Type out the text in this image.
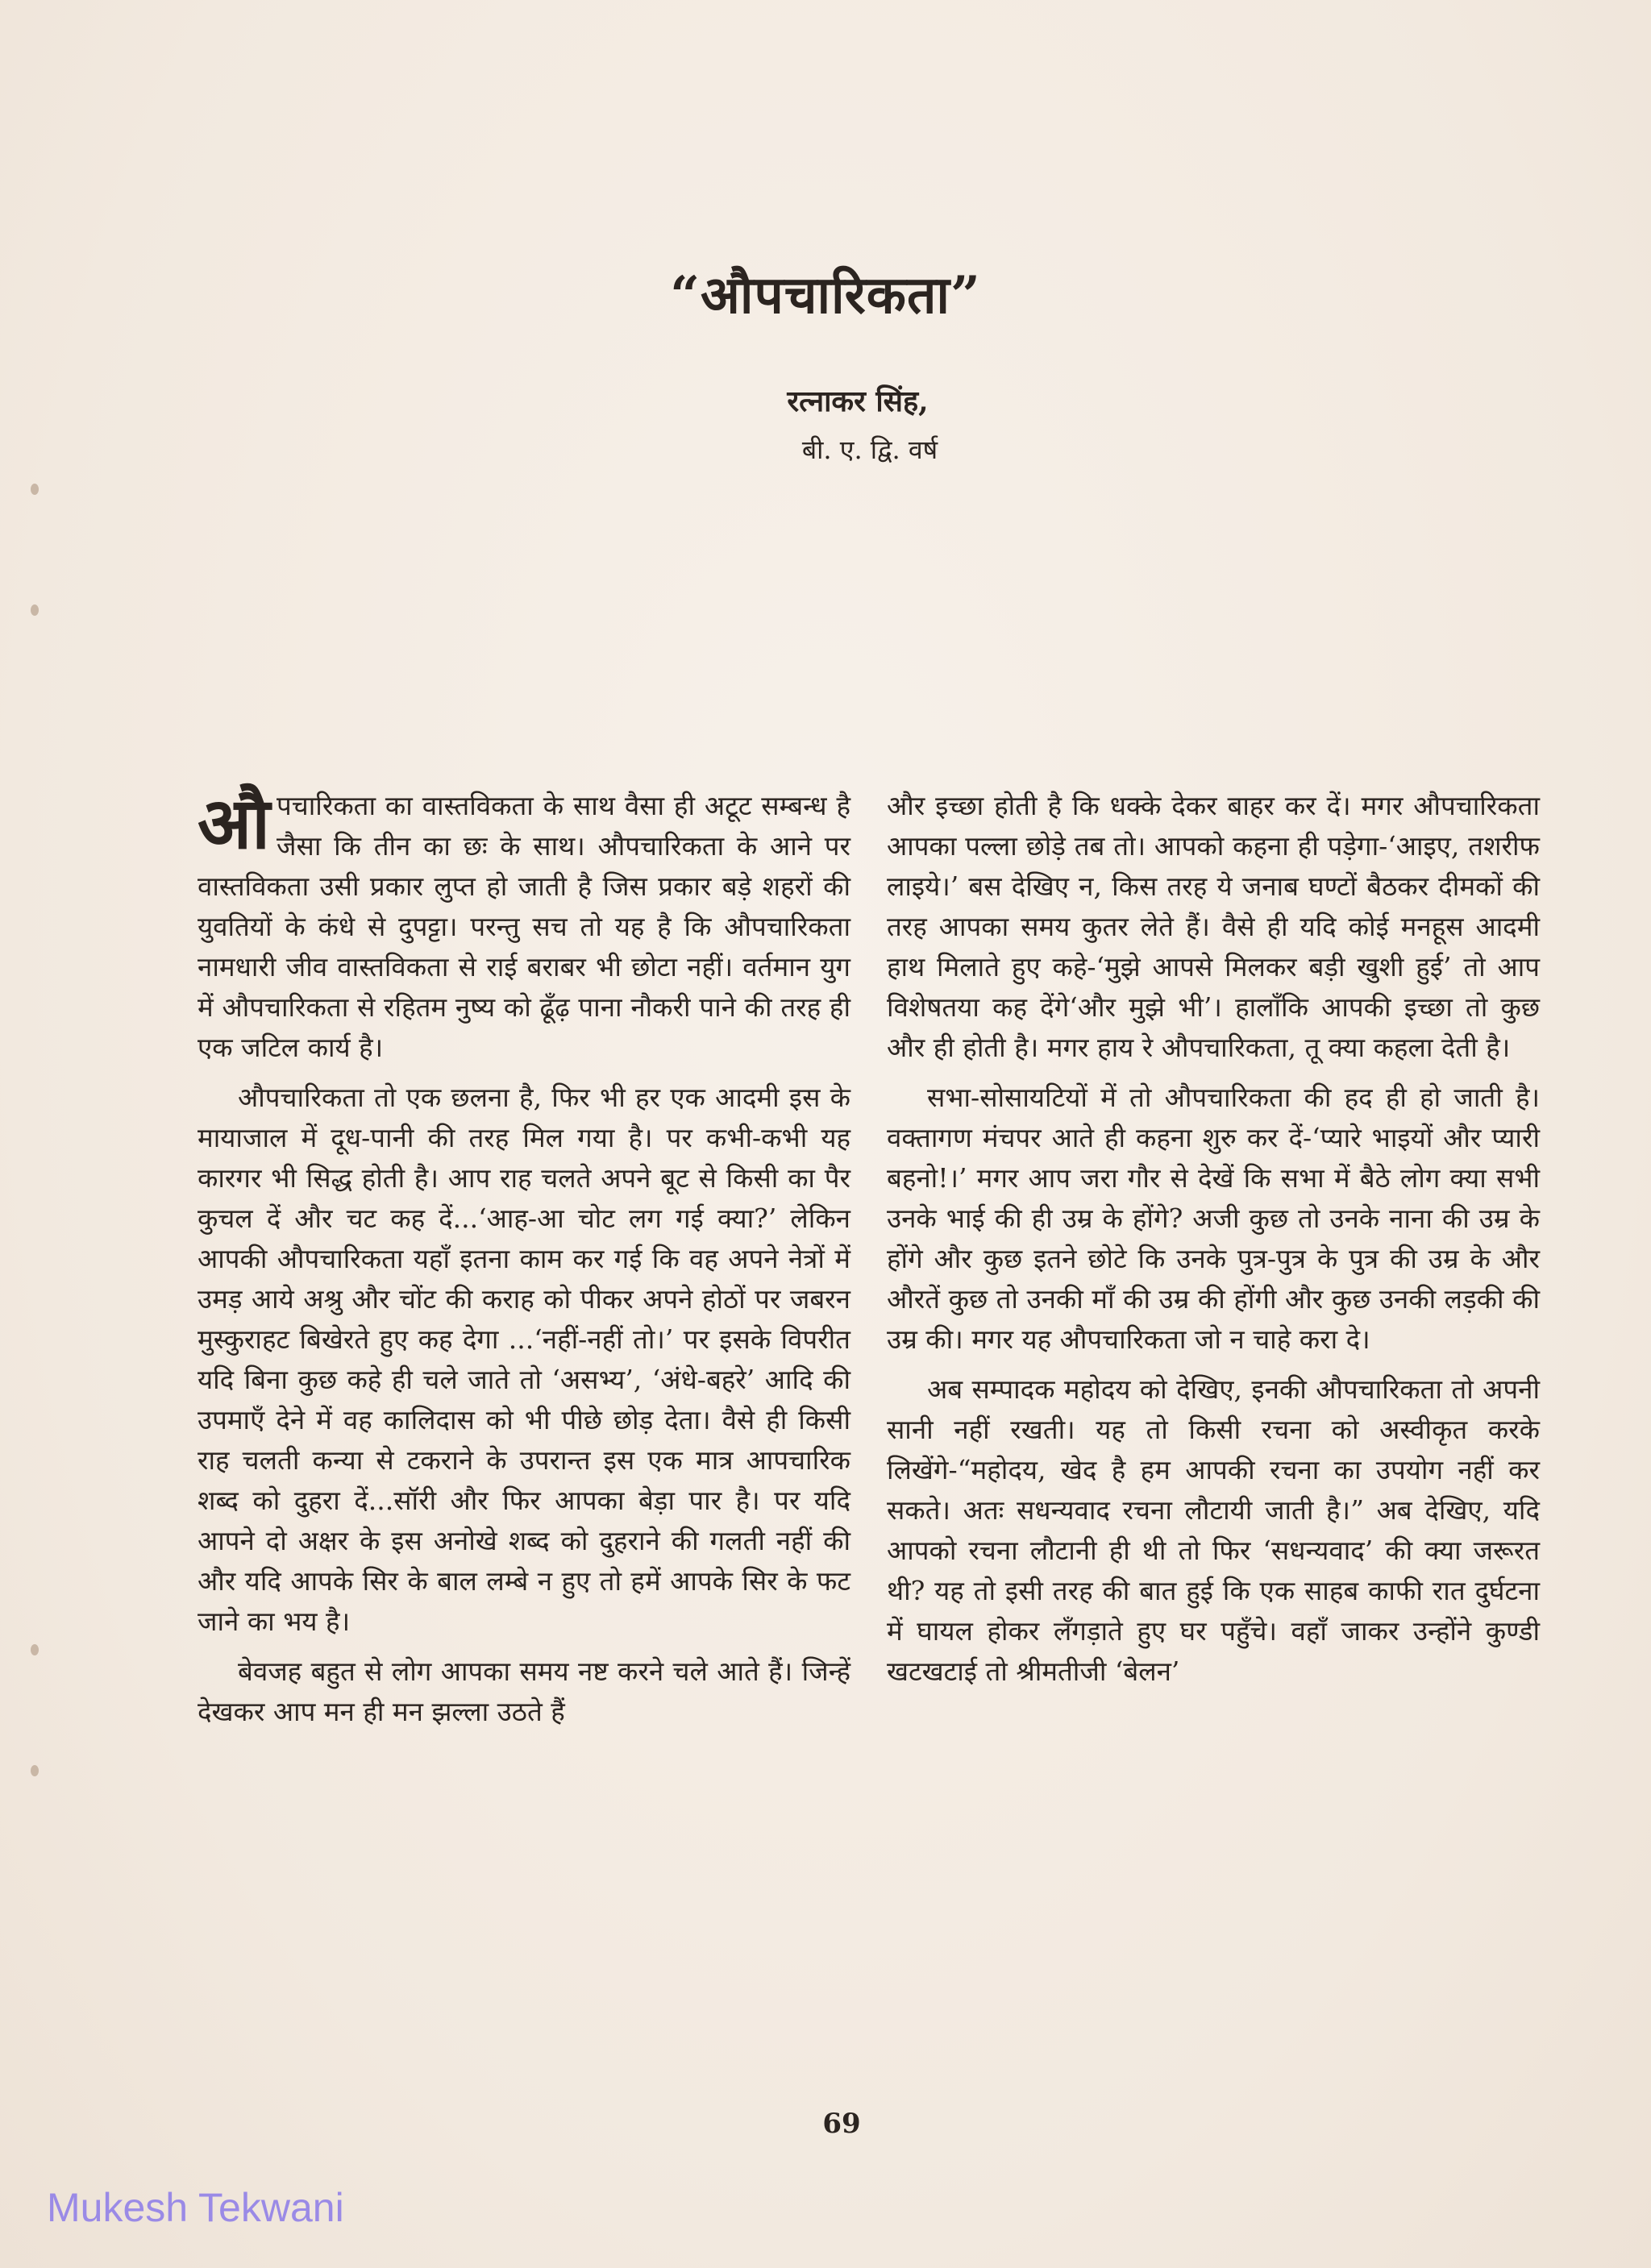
“औपचारिकता”
रत्नाकर सिंह,
बी. ए. द्वि. वर्ष

औपचारिकता का वास्तविकता के साथ वैसा ही अटूट सम्बन्ध है जैसा कि तीन का छः के साथ। औपचारिकता के आने पर वास्तविकता उसी प्रकार लुप्त हो जाती है जिस प्रकार बड़े शहरों की युवतियों के कंधे से दुपट्टा। परन्तु सच तो यह है कि औपचारिकता नामधारी जीव वास्तविकता से राई बराबर भी छोटा नहीं। वर्तमान युग में औपचारिकता से रहितम नुष्य को ढूँढ़ पाना नौकरी पाने की तरह ही एक जटिल कार्य है।

औपचारिकता तो एक छलना है, फिर भी हर एक आदमी इस के मायाजाल में दूध-पानी की तरह मिल गया है। पर कभी-कभी यह कारगर भी सिद्ध होती है। आप राह चलते अपने बूट से किसी का पैर कुचल दें और चट कह दें...‘आह-आ चोट लग गई क्या?’ लेकिन आपकी औपचारिकता यहाँ इतना काम कर गई कि वह अपने नेत्रों में उमड़ आये अश्रु और चोंट की कराह को पीकर अपने होठों पर जबरन मुस्कुराहट बिखेरते हुए कह देगा ...‘नहीं-नहीं तो।’ पर इसके विपरीत यदि बिना कुछ कहे ही चले जाते तो ‘असभ्य’, ‘अंधे-बहरे’ आदि की उपमाएँ देने में वह कालिदास को भी पीछे छोड़ देता। वैसे ही किसी राह चलती कन्या से टकराने के उपरान्त इस एक मात्र आपचारिक शब्द को दुहरा दें...सॉरी और फिर आपका बेड़ा पार है। पर यदि आपने दो अक्षर के इस अनोखे शब्द को दुहराने की गलती नहीं की और यदि आपके सिर के बाल लम्बे न हुए तो हमें आपके सिर के फट जाने का भय है।

बेवजह बहुत से लोग आपका समय नष्ट करने चले आते हैं। जिन्हें देखकर आप मन ही मन झल्ला उठते हैं

और इच्छा होती है कि धक्के देकर बाहर कर दें। मगर औपचारिकता आपका पल्ला छोड़े तब तो। आपको कहना ही पड़ेगा-‘आइए, तशरीफ लाइये।’ बस देखिए न, किस तरह ये जनाब घण्टों बैठकर दीमकों की तरह आपका समय कुतर लेते हैं। वैसे ही यदि कोई मनहूस आदमी हाथ मिलाते हुए कहे-‘मुझे आपसे मिलकर बड़ी खुशी हुई’ तो आप विशेषतया कह देंगे‘और मुझे भी’। हालाँकि आपकी इच्छा तो कुछ और ही होती है। मगर हाय रे औपचारिकता, तू क्या कहला देती है।

सभा-सोसायटियों में तो औपचारिकता की हद ही हो जाती है। वक्तागण मंचपर आते ही कहना शुरु कर दें-‘प्यारे भाइयों और प्यारी बहनो!।’ मगर आप जरा गौर से देखें कि सभा में बैठे लोग क्या सभी उनके भाई की ही उम्र के होंगे? अजी कुछ तो उनके नाना की उम्र के होंगे और कुछ इतने छोटे कि उनके पुत्र-पुत्र के पुत्र की उम्र के और औरतें कुछ तो उनकी माँ की उम्र की होंगी और कुछ उनकी लड़की की उम्र की। मगर यह औपचारिकता जो न चाहे करा दे।

अब सम्पादक महोदय को देखिए, इनकी औपचारिकता तो अपनी सानी नहीं रखती। यह तो किसी रचना को अस्वीकृत करके लिखेंगे-“महोदय, खेद है हम आपकी रचना का उपयोग नहीं कर सकते। अतः सधन्यवाद रचना लौटायी जाती है।” अब देखिए, यदि आपको रचना लौटानी ही थी तो फिर ‘सधन्यवाद’ की क्या जरूरत थी? यह तो इसी तरह की बात हुई कि एक साहब काफी रात दुर्घटना में घायल होकर लँगड़ाते हुए घर पहुँचे। वहाँ जाकर उन्होंने कुण्डी खटखटाई तो श्रीमतीजी ‘बेलन’

69
Mukesh Tekwani
